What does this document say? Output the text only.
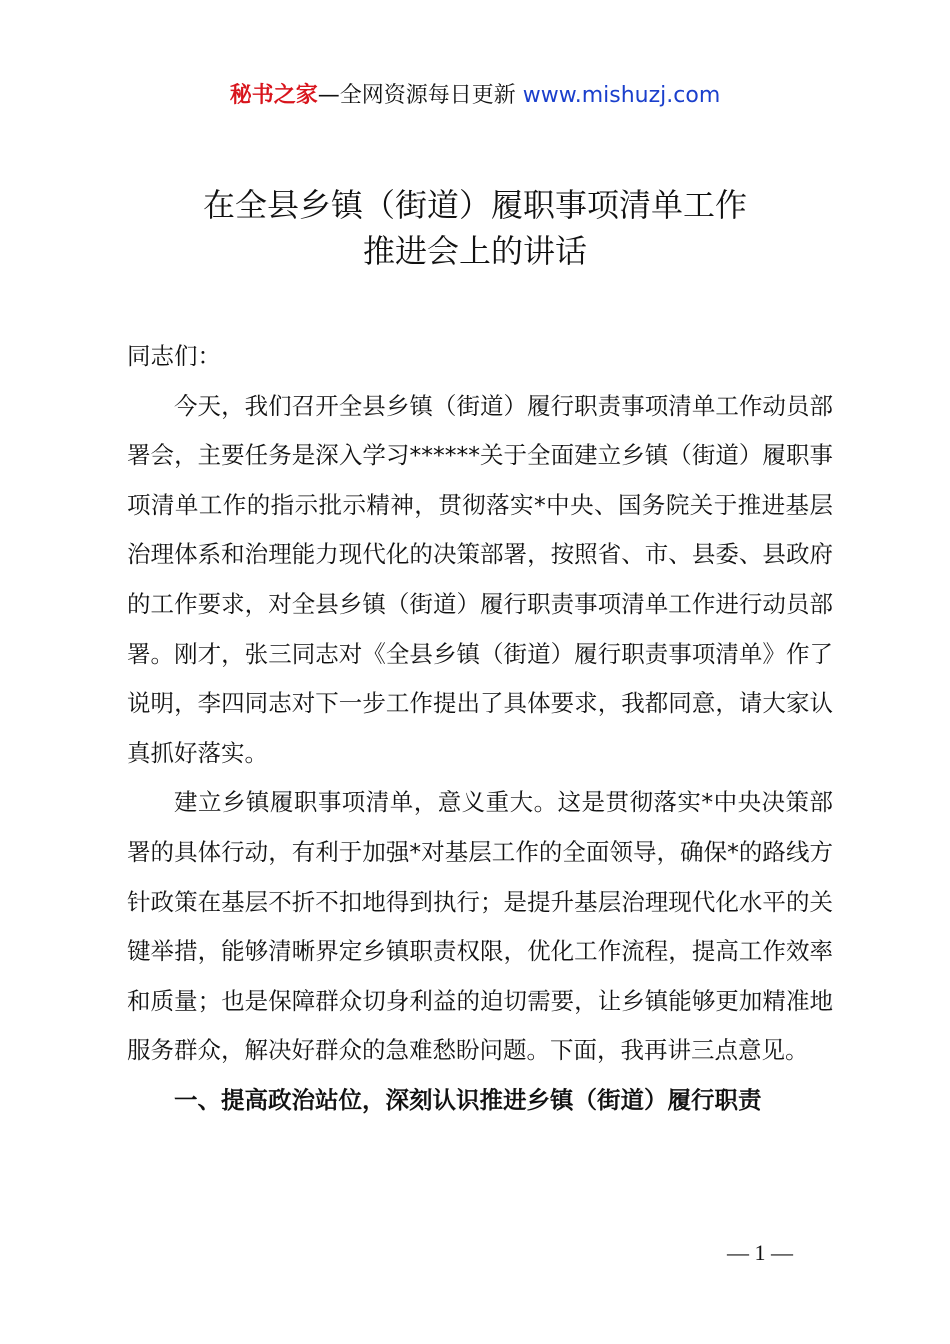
秘书之家—全网资源每日更新 www.mishuzj.com
在全县乡镇（街道）履职事项清单工作
推进会上的讲话

同志们：

今天，我们召开全县乡镇（街道）履行职责事项清单工作动员部署会，主要任务是深入学习******关于全面建立乡镇（街道）履职事项清单工作的指示批示精神，贯彻落实*中央、国务院关于推进基层治理体系和治理能力现代化的决策部署，按照省、市、县委、县政府的工作要求，对全县乡镇（街道）履行职责事项清单工作进行动员部署。刚才，张三同志对《全县乡镇（街道）履行职责事项清单》作了说明，李四同志对下一步工作提出了具体要求，我都同意，请大家认真抓好落实。

建立乡镇履职事项清单，意义重大。这是贯彻落实*中央决策部署的具体行动，有利于加强*对基层工作的全面领导，确保*的路线方针政策在基层不折不扣地得到执行；是提升基层治理现代化水平的关键举措，能够清晰界定乡镇职责权限，优化工作流程，提高工作效率和质量；也是保障群众切身利益的迫切需要，让乡镇能够更加精准地服务群众，解决好群众的急难愁盼问题。下面，我再讲三点意见。

一、提高政治站位，深刻认识推进乡镇（街道）履行职责

— 1 —
